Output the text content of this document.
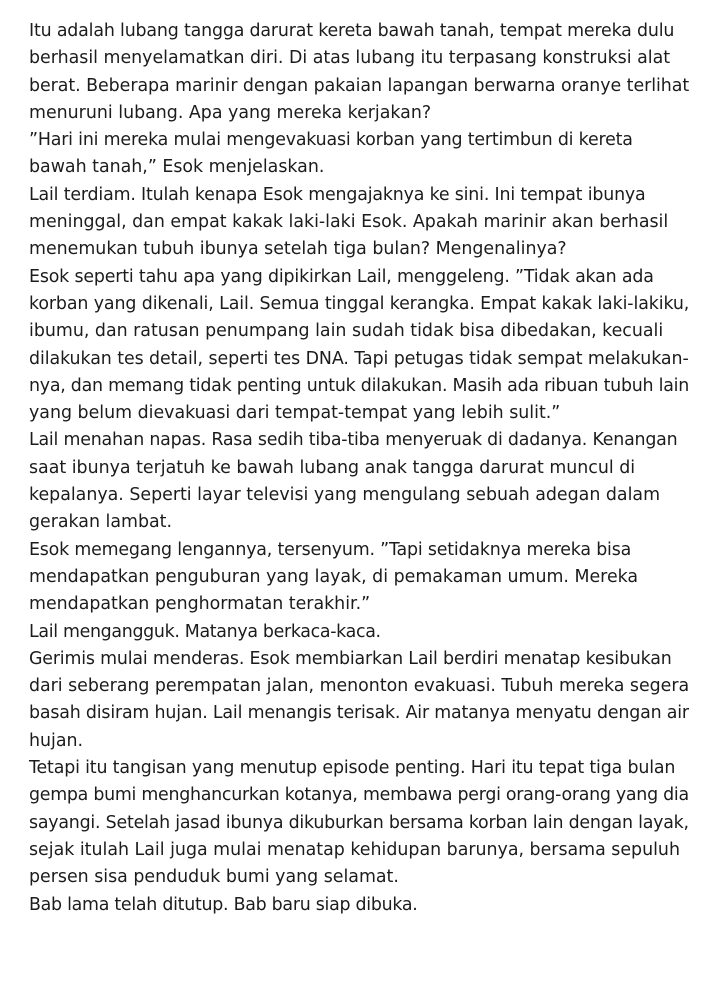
Itu adalah lubang tangga darurat kereta bawah tanah, tempat mereka dulu
berhasil menyelamatkan diri. Di atas lubang itu terpasang konstruksi alat
berat. Beberapa marinir dengan pakaian lapangan berwarna oranye terlihat
menuruni lubang. Apa yang mereka kerjakan?

”Hari ini mereka mulai mengevakuasi korban yang tertimbun di kereta
bawah tanah,” Esok menjelaskan.

Lail terdiam. Itulah kenapa Esok mengajaknya ke sini. Ini tempat ibunya
meninggal, dan empat kakak laki-laki Esok. Apakah marinir akan berhasil
menemukan tubuh ibunya setelah tiga bulan? Mengenalinya?

Esok seperti tahu apa yang dipikirkan Lail, menggeleng. ”Tidak akan ada
korban yang dikenali, Lail. Semua tinggal kerangka. Empat kakak laki-lakiku,
ibumu, dan ratusan penumpang lain sudah tidak bisa dibedakan, kecuali
dilakukan tes detail, seperti tes DNA. Tapi petugas tidak sempat melakukan-
nya, dan memang tidak penting untuk dilakukan. Masih ada ribuan tubuh lain
yang belum dievakuasi dari tempat-tempat yang lebih sulit.”

Lail menahan napas. Rasa sedih tiba-tiba menyeruak di dadanya. Kenangan
saat ibunya terjatuh ke bawah lubang anak tangga darurat muncul di
kepalanya. Seperti layar televisi yang mengulang sebuah adegan dalam
gerakan lambat.

Esok memegang lengannya, tersenyum. ”Tapi setidaknya mereka bisa
mendapatkan penguburan yang layak, di pemakaman umum. Mereka
mendapatkan penghormatan terakhir.”

Lail mengangguk. Matanya berkaca-kaca.

Gerimis mulai menderas. Esok membiarkan Lail berdiri menatap kesibukan
dari seberang perempatan jalan, menonton evakuasi. Tubuh mereka segera
basah disiram hujan. Lail menangis terisak. Air matanya menyatu dengan air
hujan.

Tetapi itu tangisan yang menutup episode penting. Hari itu tepat tiga bulan
gempa bumi menghancurkan kotanya, membawa pergi orang-orang yang dia
sayangi. Setelah jasad ibunya dikuburkan bersama korban lain dengan layak,
sejak itulah Lail juga mulai menatap kehidupan barunya, bersama sepuluh
persen sisa penduduk bumi yang selamat.

Bab lama telah ditutup. Bab baru siap dibuka.
